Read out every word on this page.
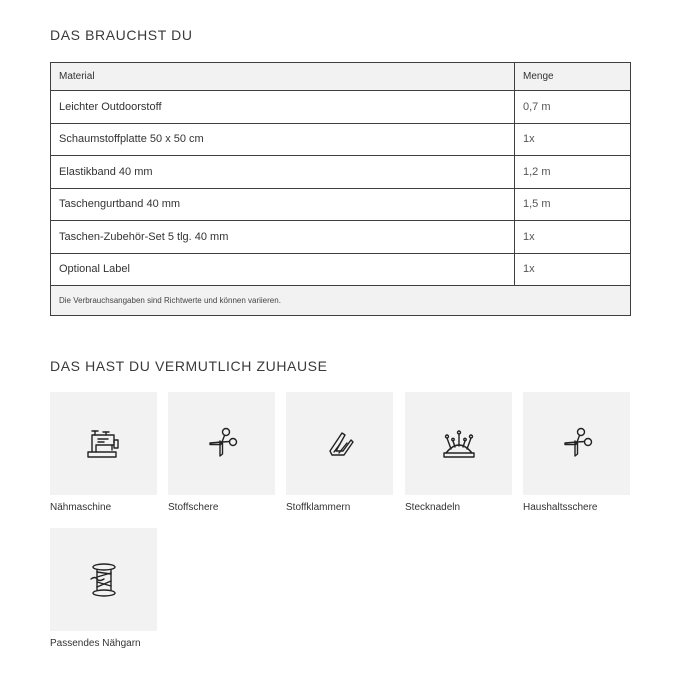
DAS BRAUCHST DU
Material	Menge
Leichter Outdoorstoff	0,7 m
Schaumstoffplatte 50 x 50 cm	1x
Elastikband 40 mm	1,2 m
Taschengurtband 40 mm	1,5 m
Taschen-Zubehör-Set 5 tlg. 40 mm	1x
Optional Label	1x
Die Verbrauchsangaben sind Richtwerte und können variieren.	
DAS HAST DU VERMUTLICH ZUHAUSE
Nähmaschine	Stoffschere	Stoffklammern	Stecknadeln	Haushaltsschere
Passendes Nähgarn
